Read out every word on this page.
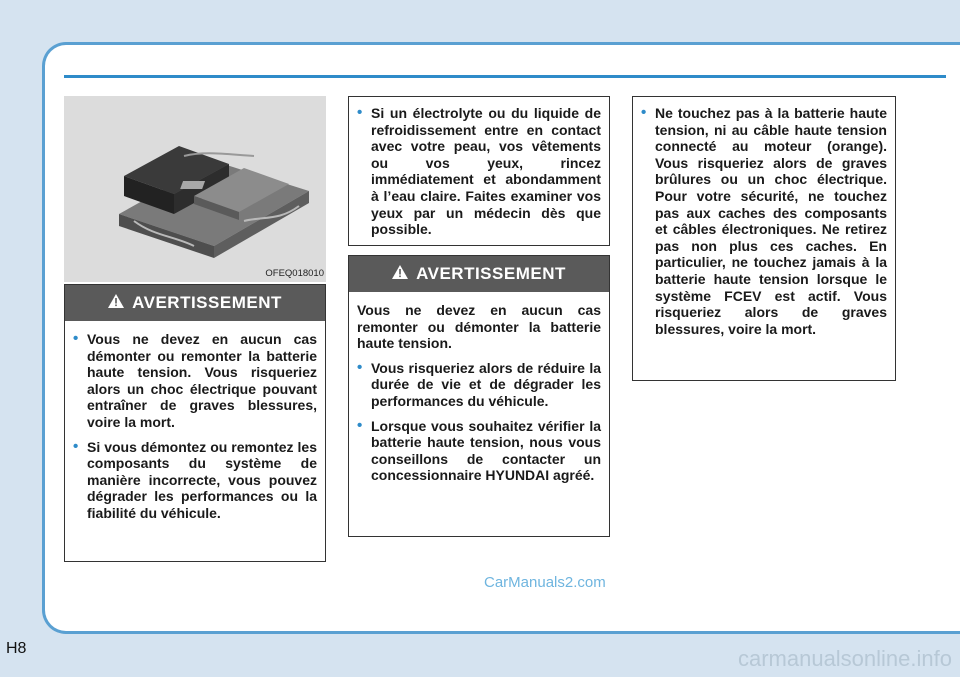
OFEQ018010
AVERTISSEMENT
• Vous ne devez en aucun cas démonter ou remonter la batterie haute tension. Vous risqueriez alors un choc électrique pouvant entraîner de graves blessures, voire la mort.
• Si vous démontez ou remontez les composants du système de manière incorrecte, vous pouvez dégrader les performances ou la fiabilité du véhicule.
• Si un électrolyte ou du liquide de refroidissement entre en contact avec votre peau, vos vêtements ou vos yeux, rincez immédiatement et abondamment à l’eau claire. Faites examiner vos yeux par un médecin dès que possible.
AVERTISSEMENT

Vous ne devez en aucun cas remonter ou démonter la batterie haute tension.

• Vous risqueriez alors de réduire la durée de vie et de dégrader les performances du véhicule.
• Lorsque vous souhaitez vérifier la batterie haute tension, nous vous conseillons de contacter un concessionnaire HYUNDAI agréé.
• Ne touchez pas à la batterie haute tension, ni au câble haute tension connecté au moteur (orange). Vous risqueriez alors de graves brûlures ou un choc électrique. Pour votre sécurité, ne touchez pas aux caches des composants et câbles électroniques. Ne retirez pas non plus ces caches. En particulier, ne touchez jamais à la batterie haute tension lorsque le système FCEV est actif. Vous risqueriez alors de graves blessures, voire la mort.
CarManuals2.com
H8	carmanualsonline.info
